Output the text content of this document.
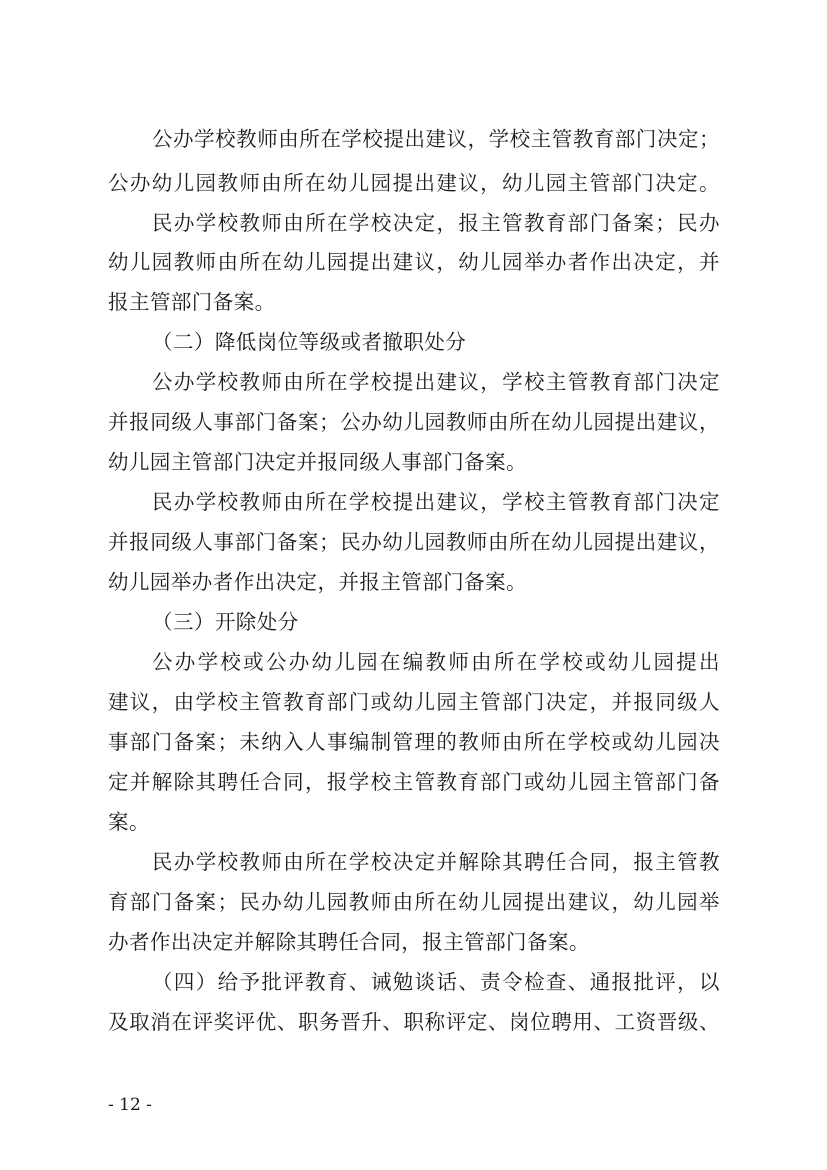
公办学校教师由所在学校提出建议，学校主管教育部门决定；
公办幼儿园教师由所在幼儿园提出建议，幼儿园主管部门决定。
民办学校教师由所在学校决定，报主管教育部门备案；民办
幼儿园教师由所在幼儿园提出建议，幼儿园举办者作出决定，并
报主管部门备案。
（二）降低岗位等级或者撤职处分
公办学校教师由所在学校提出建议，学校主管教育部门决定
并报同级人事部门备案；公办幼儿园教师由所在幼儿园提出建议，
幼儿园主管部门决定并报同级人事部门备案。
民办学校教师由所在学校提出建议，学校主管教育部门决定
并报同级人事部门备案；民办幼儿园教师由所在幼儿园提出建议，
幼儿园举办者作出决定，并报主管部门备案。
（三）开除处分
公办学校或公办幼儿园在编教师由所在学校或幼儿园提出
建议，由学校主管教育部门或幼儿园主管部门决定，并报同级人
事部门备案；未纳入人事编制管理的教师由所在学校或幼儿园决
定并解除其聘任合同，报学校主管教育部门或幼儿园主管部门备
案。
民办学校教师由所在学校决定并解除其聘任合同，报主管教
育部门备案；民办幼儿园教师由所在幼儿园提出建议，幼儿园举
办者作出决定并解除其聘任合同，报主管部门备案。
（四）给予批评教育、诫勉谈话、责令检查、通报批评，以
及取消在评奖评优、职务晋升、职称评定、岗位聘用、工资晋级、
- 12 -
